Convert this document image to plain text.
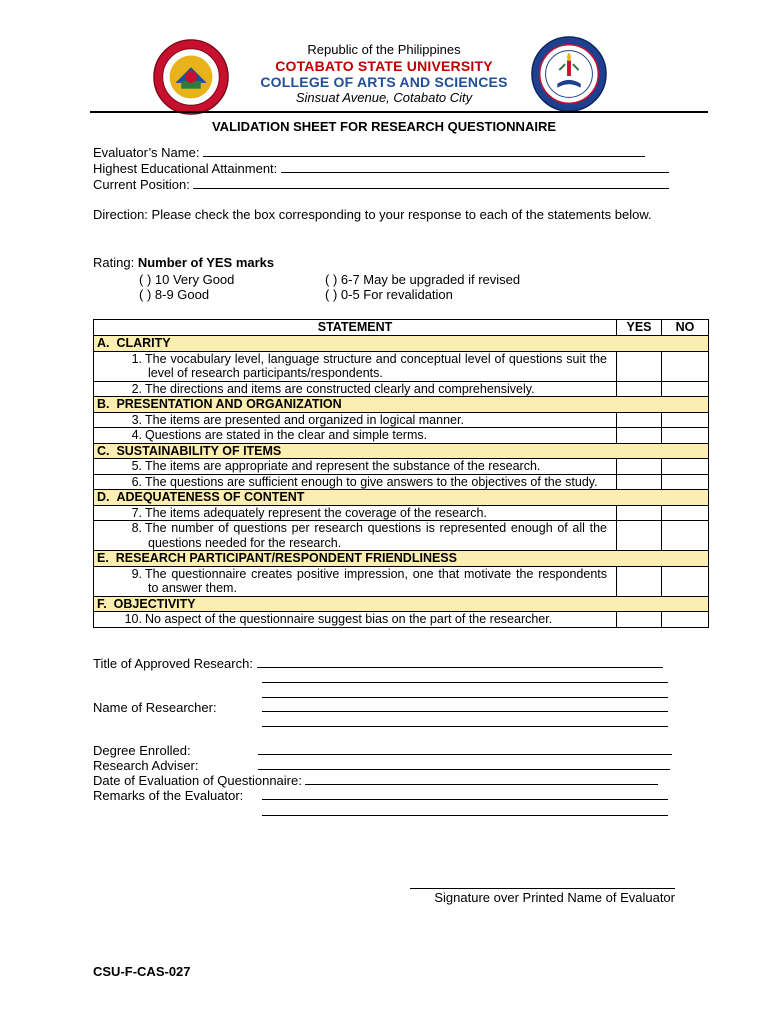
Republic of the Philippines
COTABATO STATE UNIVERSITY
COLLEGE OF ARTS AND SCIENCES
Sinsuat Avenue, Cotabato City
VALIDATION SHEET FOR RESEARCH QUESTIONNAIRE
Evaluator’s Name:
Highest Educational Attainment:
Current Position:
Direction: Please check the box corresponding to your response to each of the statements below.
Rating: Number of YES marks
( ) 10 Very Good
( ) 8-9 Good
( ) 6-7 May be upgraded if revised
( ) 0-5 For revalidation
STATEMENT	YES	NO
A.  CLARITY		

1. The vocabulary level, language structure and conceptual level of questions suit the level of research participants/respondents.		

2. The directions and items are constructed clearly and comprehensively.		

B.  PRESENTATION AND ORGANIZATION		

3. The items are presented and organized in logical manner.		

4. Questions are stated in the clear and simple terms.		

C.  SUSTAINABILITY OF ITEMS		

5. The items are appropriate and represent the substance of the research.		

6. The questions are sufficient enough to give answers to the objectives of the study.		

D.  ADEQUATENESS OF CONTENT		

7. The items adequately represent the coverage of the research.		

8. The number of questions per research questions is represented enough of all the questions needed for the research.		

E.  RESEARCH PARTICIPANT/RESPONDENT FRIENDLINESS		

9. The questionnaire creates positive impression, one that motivate the respondents to answer them.		

F.  OBJECTIVITY		

10. No aspect of the questionnaire suggest bias on the part of the researcher.		

Title of Approved Research:
Name of Researcher:
Degree Enrolled:
Research Adviser:
Date of Evaluation of Questionnaire:
Remarks of the Evaluator:
Signature over Printed Name of Evaluator
CSU-F-CAS-027
